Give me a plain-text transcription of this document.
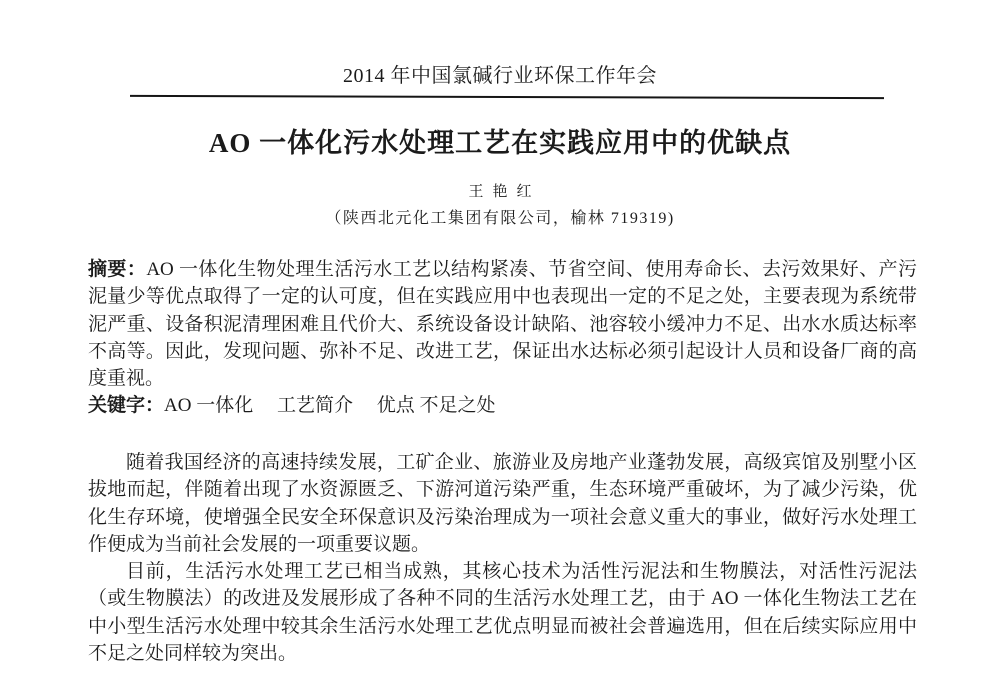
2014 年中国氯碱行业环保工作年会
AO 一体化污水处理工艺在实践应用中的优缺点
王艳红
（陕西北元化工集团有限公司，榆林 719319)

摘要：AO 一体化生物处理生活污水工艺以结构紧凑、节省空间、使用寿命长、去污效果好、产污泥量少等优点取得了一定的认可度，但在实践应用中也表现出一定的不足之处，主要表现为系统带泥严重、设备积泥清理困难且代价大、系统设备设计缺陷、池容较小缓冲力不足、出水水质达标率不高等。因此，发现问题、弥补不足、改进工艺，保证出水达标必须引起设计人员和设备厂商的高度重视。

关键字：AO 一体化　 工艺简介　 优点 不足之处

随着我国经济的高速持续发展，工矿企业、旅游业及房地产业蓬勃发展，高级宾馆及别墅小区拔地而起，伴随着出现了水资源匮乏、下游河道污染严重，生态环境严重破坏，为了减少污染，优化生存环境，使增强全民安全环保意识及污染治理成为一项社会意义重大的事业，做好污水处理工作便成为当前社会发展的一项重要议题。

目前，生活污水处理工艺已相当成熟，其核心技术为活性污泥法和生物膜法，对活性污泥法（或生物膜法）的改进及发展形成了各种不同的生活污水处理工艺，由于 AO 一体化生物法工艺在中小型生活污水处理中较其余生活污水处理工艺优点明显而被社会普遍选用，但在后续实际应用中不足之处同样较为突出。
